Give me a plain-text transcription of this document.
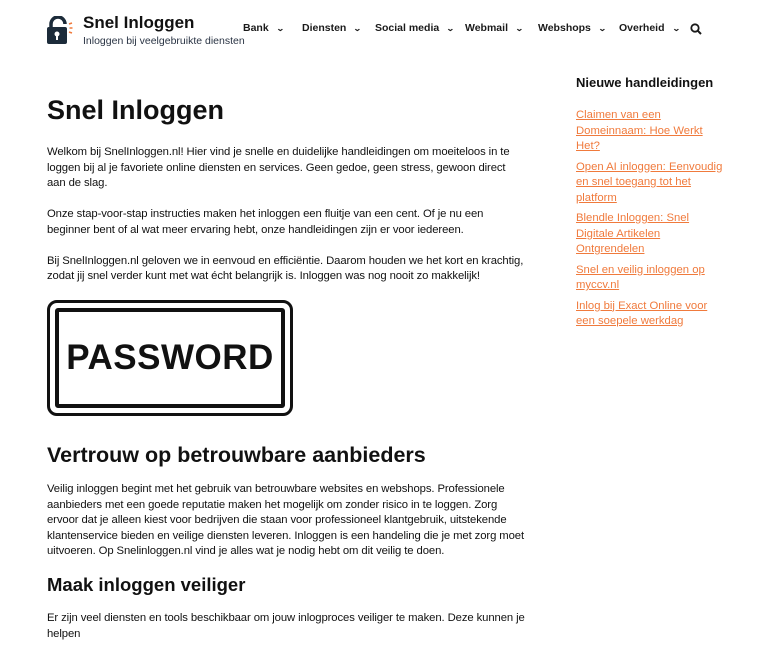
Snel Inloggen
Inloggen bij veelgebruikte diensten
Bank ⌄ Diensten ⌄ Social media ⌄ Webmail ⌄ Webshops ⌄ Overheid ⌄
Snel Inloggen

Welkom bij SnelInloggen.nl! Hier vind je snelle en duidelijke handleidingen om moeiteloos in te loggen bij al je favoriete online diensten en services. Geen gedoe, geen stress, gewoon direct aan de slag.

Onze stap-voor-stap instructies maken het inloggen een fluitje van een cent. Of je nu een beginner bent of al wat meer ervaring hebt, onze handleidingen zijn er voor iedereen.

Bij SnelInloggen.nl geloven we in eenvoud en efficiëntie. Daarom houden we het kort en krachtig, zodat jij snel verder kunt met wat écht belangrijk is. Inloggen was nog nooit zo makkelijk!

PASSWORD
Vertrouw op betrouwbare aanbieders

Veilig inloggen begint met het gebruik van betrouwbare websites en webshops. Professionele aanbieders met een goede reputatie maken het mogelijk om zonder risico in te loggen. Zorg ervoor dat je alleen kiest voor bedrijven die staan voor professioneel klantgebruik, uitstekende klantenservice bieden en veilige diensten leveren. Inloggen is een handeling die je met zorg moet uitvoeren. Op Snelinloggen.nl vind je alles wat je nodig hebt om dit veilig te doen.

Maak inloggen veiliger

Er zijn veel diensten en tools beschikbaar om jouw inlogproces veiliger te maken. Deze kunnen je helpen

Nieuwe handleidingen
Claimen van een Domeinnaam: Hoe Werkt Het?
Open AI inloggen: Eenvoudig en snel toegang tot het platform
Blendle Inloggen: Snel Digitale Artikelen Ontgrendelen
Snel en veilig inloggen op myccv.nl
Inlog bij Exact Online voor een soepele werkdag
